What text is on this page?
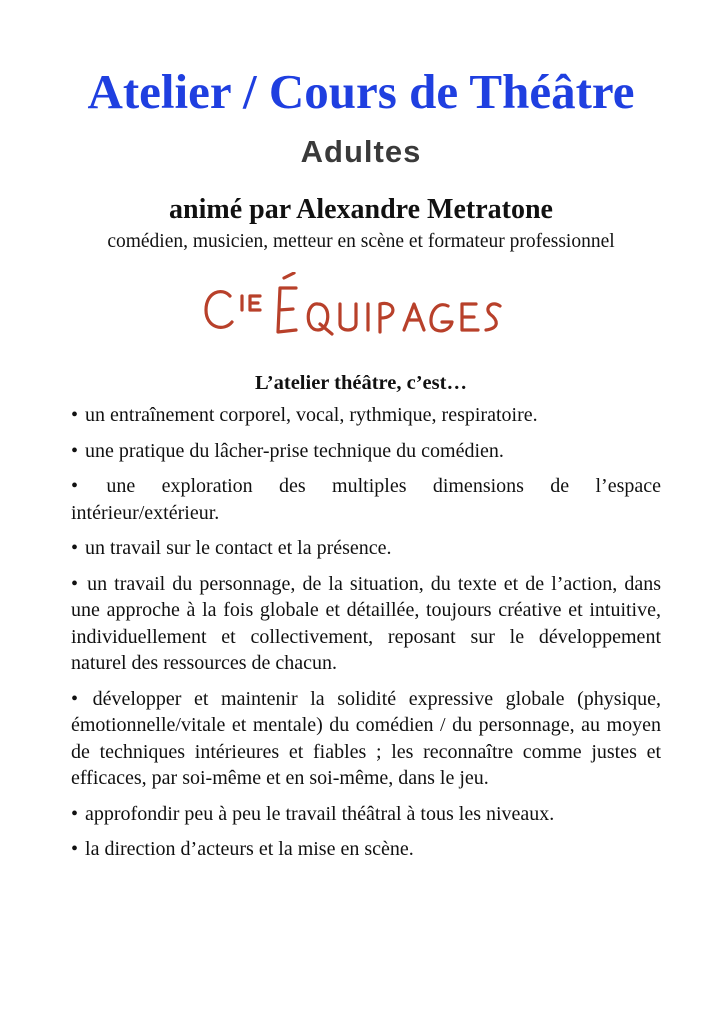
Atelier / Cours de Théâtre
Adultes
animé par Alexandre Metratone
comédien, musicien, metteur en scène et formateur professionnel
L’atelier théâtre, c’est…
• un entraînement corporel, vocal, rythmique, respiratoire.
• une pratique du lâcher-prise technique du comédien.
• une exploration des multiples dimensions de l’espace intérieur/extérieur.
• un travail sur le contact et la présence.
• un travail du personnage, de la situation, du texte et de l’action, dans une approche à la fois globale et détaillée, toujours créative et intuitive, individuellement et collectivement, reposant sur le développement naturel des ressources de chacun.
• développer et maintenir la solidité expressive globale (physique, émotionnelle/vitale et mentale) du comédien / du personnage, au moyen de techniques intérieures et fiables ; les reconnaître comme justes et efficaces, par soi-même et en soi-même, dans le jeu.
• approfondir peu à peu le travail théâtral à tous les niveaux.
• la direction d’acteurs et la mise en scène.
